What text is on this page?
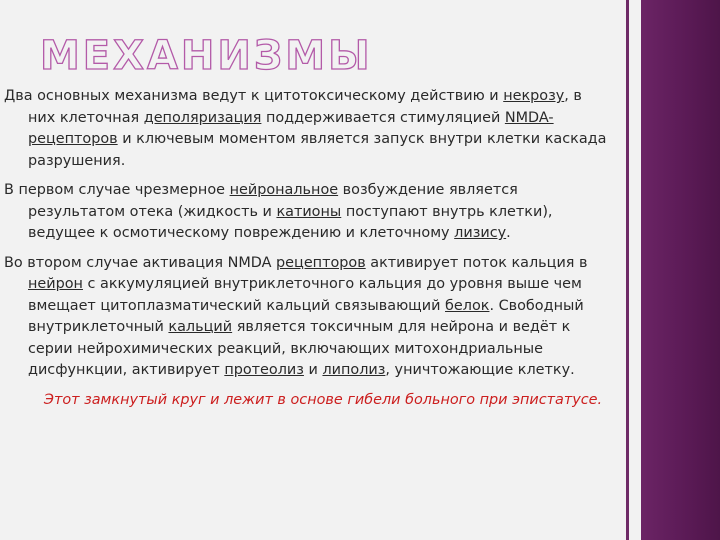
МЕХАНИЗМЫ

Два основных механизма ведут к цитотоксическому действию и некрозу, в них клеточная деполяризация поддерживается стимуляцией NMDA-рецепторов и ключевым моментом является запуск внутри клетки каскада разрушения.

В первом случае чрезмерное нейрональное возбуждение является результатом отека (жидкость и катионы поступают внутрь клетки), ведущее к осмотическому повреждению и клеточному лизису.

Во втором случае активация NMDA рецепторов активирует поток кальция в нейрон с аккумуляцией внутриклеточного кальция до уровня выше чем вмещает цитоплазматический кальций связывающий белок. Свободный внутриклеточный кальций является токсичным для нейрона и ведёт к серии нейрохимических реакций, включающих митохондриальные дисфункции, активирует протеолиз и липолиз, уничтожающие клетку.

Этот замкнутый круг и лежит в основе гибели больного при эпистатусе.
